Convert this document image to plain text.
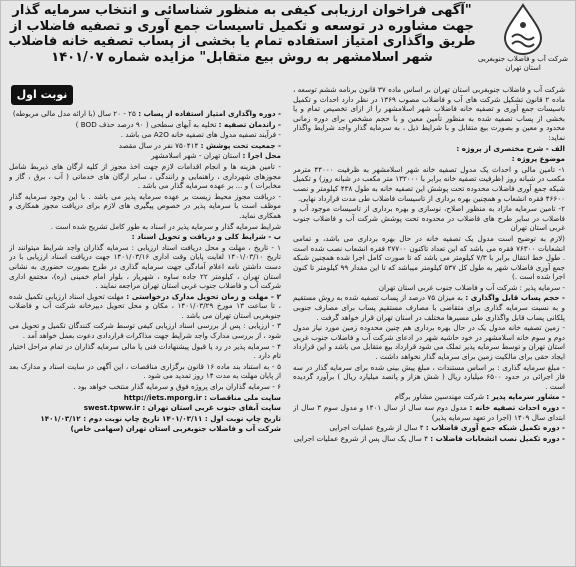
"آگهی فراخوان ارزیابی کیفی به منظور شناسائی و انتخاب سرمایه گذار
جهت مشاوره در توسعه و تکمیل تاسیسات جمع آوری و تصفیه فاضلاب از
طریق واگذاری امتیاز استفاده تمام یا بخشی از پساب تصفیه خانه فاضلاب
شهر اسلامشهر به روش بیع متقابل" مزایده شماره ۱۴۰۱/۰۷	شرکت آب و فاضلاب جنوبغربی
استان تهران
نوبت اول	شرکت آب و فاضلاب جنوبغربی استان تهران بر اساس ماده ۳۷ قانون برنامه ششم توسعه ، ماده ۲ قانون تشکیل شرکت های آب و فاضلاب مصوب ۱۳۶۹ در نظر دارد احداث و تکمیل تاسیسات جمع آوری و تصفیه خانه فاضلاب شهر اسلامشهر را از ازای تخصیص تمام و یا بخشی از پساب تصفیه شده به منظور تأمین معین و با حجم مشخص برای دوره زمانی محدود و معین و بصورت بیع متقابل و با شرایط ذیل ، به سرمایه گذار واجد شرایط واگذار نماید:

الف - شرح مختصری از پروژه :

موضوع پروژه :

۱- تامین مالی و احداث یک مدول تصفیه خانه شهر اسلامشهر به ظرفیت ۴۴۰۰۰ مترمر مکعب در شبانه روز (ظرفیت تصفیه خانه برابر با ۱۳۲۰۰۰ متر مکعب در شبانه روز) و تکمیل شبکه جمع آوری فاضلاب محدوده تحت پوشش این تصفیه خانه به طول ۴۳۸ کیلومتر و نصب ۴۶۶۰۰ فقره انشعاب و همچنین بهره برداری از تاسیسات فاضلاب طی مدت قرارداد نهایی.

۲- تامین سرمایه مازاد به منظور اصلاح، نوسازی و بهره برداری از تاسیسات موجود آب و فاضلاب در سایر طرح های فاضلاب در محدوده تحت پوشش شرکت آب و فاضلاب جنوب غربی استان تهران

(لازم به توضیح است مدول یک تصفیه خانه در حال بهره برداری می باشد، و تمامی انشعابات ۷۶۳۰۰ فقره می باشد که این تعداد تاکنون ۲۷۷۰۰ فقره انشعاب نصب شده است . طول خط انتقال برابر با ۷/۳ کیلومتر می باشد که تا صورت کامل اجرا شده همچنین شبکه جمع آوری فاضلاب شهر به طول کل ۵۳۷ کیلومتر میباشد که تا این مقدار ۹۹ کیلومتر تا کنون اجرا شده است .)

- سرمایه پذیر : شرکت آب و فاضلاب جنوب غربی استان تهران

- حجم پساب قابل واگذاری : به میزان ۷۵ درصد از پساب تصفیه شده به روش مستقیم و به نسبت سرمایه گذاری برای متقاضی با مصارف مستقیم پساب برای مصارف جنوبی پلکانی پساب قابل واگذاری طی مسیرها مختلف در استان تهران قرار خواهد گرفت .

- زمین تصفیه خانه مدول یک در حال بهره برداری هم چنین محدوده زمین مورد نیاز مدول دوم و سوم خانه اسلامشهر در خود حاشیه شهر در ادعای شرکت آب و فاضلاب جنوب غربی استان تهران و توسط سرمایه پذیر تملک می شود قرارداد بیع متقابل می باشد و این قرارداد ایجاد حقی برای مالکیت زمین برای سرمایه گذار نخواهد داشت .

- مبلغ سرمایه گذاری : بر اساس مستندات ، مبلغ پیش بینی شده برای سرمایه گذار در سه فاز اجرائی در حدود ۶۵۰۰ میلیارد ریال ( شش هزار و پانصد میلیارد ریال ) برآورد گردیده است .

- مشاور سرمایه پذیر : شرکت مهندسین مشاور برگام

- دوره احداث تصفیه خانه : مدول دوم سه سال از سال ۱۴۰۱ و مدول سوم ۳ سال از ابتدای سال ۱۴۰۹ (اجرا در تعهد سرمایه پذیر)

- دوره تکمیل شبکه جمع آوری فاضلاب : ۴ سال از شروع عملیات اجرایی

- دوره تکمیل نصب انشعابات فاضلاب : ۴ سال یک سال پس از شروع عملیات اجرایی

- دوره واگذاری امتیاز استفاده از پساب : ۲۵ - ۲۰ سال (با ارائه مدل مالی مربوطه)

- راندمان تصفیه : تخلیه به آبهای سطحی ( ۹۰ درصد حذف BOD )

- فرآیند تصفیه مدول های تصفیه خانه A2O می باشد .

- جمعیت تحت پوشش : ۷۵۰۴۱۴ نفر در سال مقصد

محل اجرا : استان تهران - شهر اسلامشهر

- تامین هزینه ها و انجام اقدامات لازم جهت اخذ مجوز از کلیه ارگان های ذیربط شامل مجوزهای شهرداری ، راهنمایی و رانندگی ، سایر ارگان های خدماتی ( آب ، برق ، گاز و مخابرات ) و ... بر عهده سرمایه گذار می باشد .

- دریافت مجوز محیط زیست بر عهده سرمایه پذیر می باشد . با این وجود سرمایه گذار موظف است با سرمایه پذیر در خصوص پیگیری های لازم برای دریافت مجوز همکاری و همکاری نماید.

شرایط سرمایه گذار و سرمایه پذیر در اسناد به طور کامل تشریح شده است .

ب - شرایط کلی و دریافت و تحویل اسناد :

۱ - تاریخ ، مهلت و محل دریافت اسناد ارزیابی : سرمایه گذاران واجد شرایط میتوانند از تاریخ ۱۴۰۱/۰۳/۱۰ لغایت پایان وقت اداری ۱۴۰۱/۰۳/۱۶ جهت دریافت اسناد ارزیابی با در دست داشتن نامه اعلام آمادگی جهت سرمایه گذاری در طرح بصورت حضوری به نشانی استان تهران ، کیلومتر ۲۲ جاده ساوه ، شهریار ، بلوار امام خمینی (ره)، مجتمع اداری شرکت آب و فاضلاب جنوب غربی استان تهران مراجعه نمایند .

۲ - مهلت و زمان تحویل مدارک درخواستی : مهلت تحویل اسناد ارزیابی تکمیل شده ، تا ساعت ۱۳ مورخ ۱۴۰۱/۰۳/۲۹ ، مکان و محل تحویل دبیرخانه شرکت آب و فاضلاب جنوبغربی استان تهران می باشد .

۳ - ارزیابی : پس از بررسی اسناد ارزیابی کیفی توسط شرکت کنندگان تکمیل و تحویل می شود ، از بررسی مدارک واجد شرایط جهت مذاکرات قراردادی دعوت بعمل خواهد آمد .

۴ - سرمایه پذیر در رد یا قبول پیشنهادات فنی یا مالی سرمایه گذاران در تمام مراحل اختیار تام دارد .

۵ - به استناد بند ماده ۱۶ قانون برگزاری مناقصات ، این آگهی در سایت اسناد و مدارک بعد از پایان مهلت به مدت ۱۴ روز تمدید می شود .

۶ - سرمایه گذاران برای پروژه فوق و سرمایه گذار منتخب خواهد بود .

سایت ملی مناقصات : http://iets.mporg.ir

سایت آبفای جنوب غربی استان تهران : swest.tpww.ir

تاریخ چاپ نوبت اول : ۱۴۰۱/۰۳/۱۱ تاریخ چاپ نوبت دوم : ۱۴۰۱/۰۳/۱۲

شرکت آب و فاضلاب جنوبغربی استان تهران (سهامی خاص)
